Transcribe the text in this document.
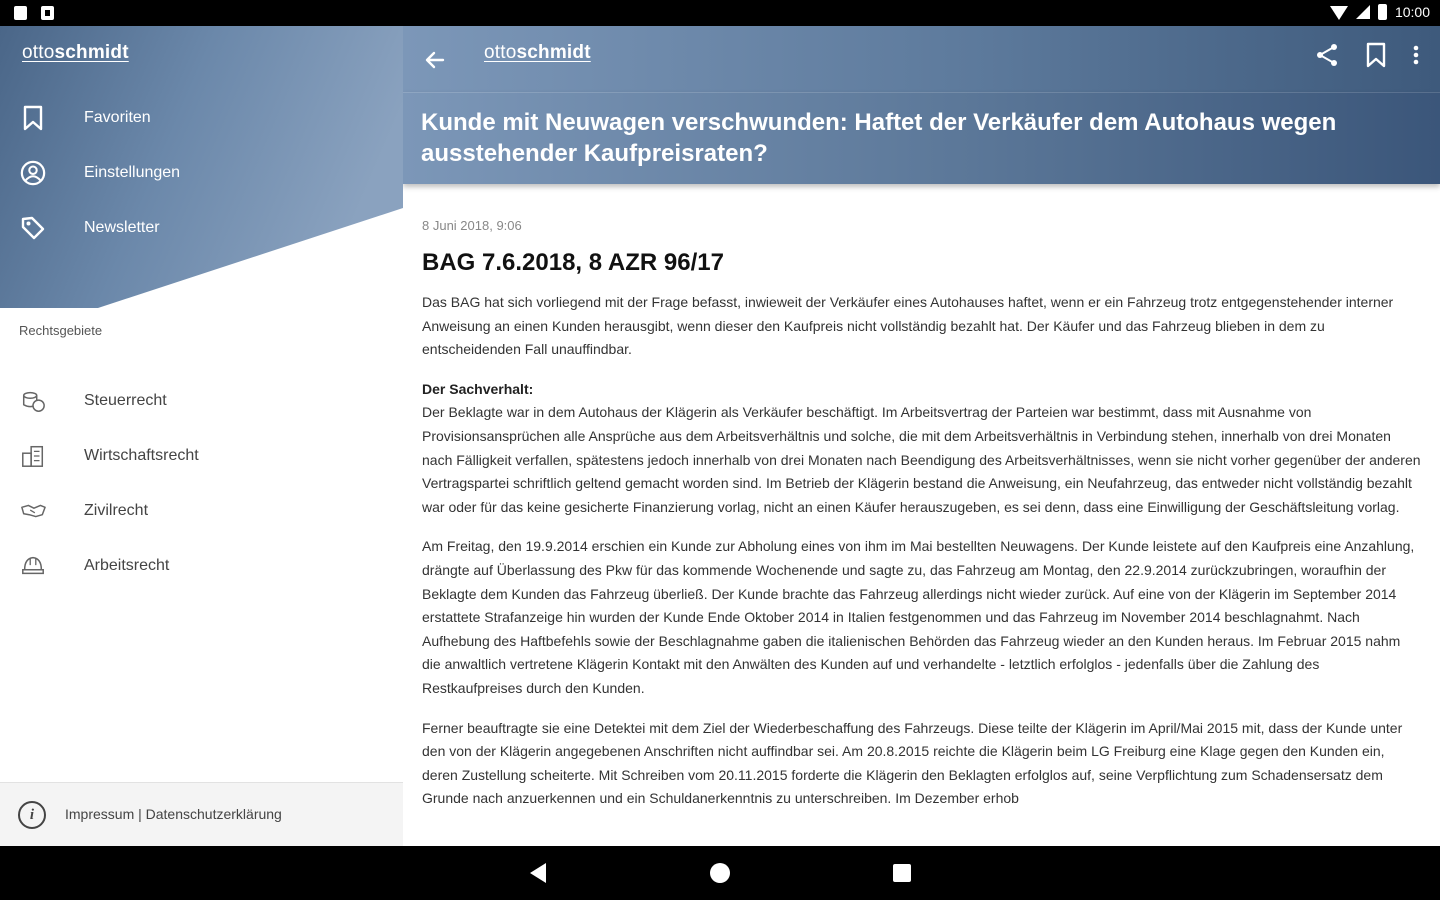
10:00
ottoschmidt
Favoriten
Einstellungen
Newsletter
Rechtsgebiete
Steuerrecht
Wirtschaftsrecht
Zivilrecht
Arbeitsrecht
i	Impressum | Datenschutzerklärung
ottoschmidt
Kunde mit Neuwagen verschwunden: Haftet der Verkäufer dem Autohaus wegen ausstehender Kaufpreisraten?
8 Juni 2018, 9:06
BAG 7.6.2018, 8 AZR 96/17

Das BAG hat sich vorliegend mit der Frage befasst, inwieweit der Verkäufer eines Autohauses haftet, wenn er ein Fahrzeug trotz entgegenstehender interner Anweisung an einen Kunden herausgibt, wenn dieser den Kaufpreis nicht vollständig bezahlt hat. Der Käufer und das Fahrzeug blieben in dem zu entscheidenden Fall unauffindbar.

Der Sachverhalt:
Der Beklagte war in dem Autohaus der Klägerin als Verkäufer beschäftigt. Im Arbeitsvertrag der Parteien war bestimmt, dass mit Ausnahme von Provisionsansprüchen alle Ansprüche aus dem Arbeitsverhältnis und solche, die mit dem Arbeitsverhältnis in Verbindung stehen, innerhalb von drei Monaten nach Fälligkeit verfallen, spätestens jedoch innerhalb von drei Monaten nach Beendigung des Arbeitsverhältnisses, wenn sie nicht vorher gegenüber der anderen Vertragspartei schriftlich geltend gemacht worden sind. Im Betrieb der Klägerin bestand die Anweisung, ein Neufahrzeug, das entweder nicht vollständig bezahlt war oder für das keine gesicherte Finanzierung vorlag, nicht an einen Käufer herauszugeben, es sei denn, dass eine Einwilligung der Geschäftsleitung vorlag.

Am Freitag, den 19.9.2014 erschien ein Kunde zur Abholung eines von ihm im Mai bestellten Neuwagens. Der Kunde leistete auf den Kaufpreis eine Anzahlung, drängte auf Überlassung des Pkw für das kommende Wochenende und sagte zu, das Fahrzeug am Montag, den 22.9.2014 zurückzubringen, woraufhin der Beklagte dem Kunden das Fahrzeug überließ. Der Kunde brachte das Fahrzeug allerdings nicht wieder zurück. Auf eine von der Klägerin im September 2014 erstattete Strafanzeige hin wurden der Kunde Ende Oktober 2014 in Italien festgenommen und das Fahrzeug im November 2014 beschlagnahmt. Nach Aufhebung des Haftbefehls sowie der Beschlagnahme gaben die italienischen Behörden das Fahrzeug wieder an den Kunden heraus. Im Februar 2015 nahm die anwaltlich vertretene Klägerin Kontakt mit den Anwälten des Kunden auf und verhandelte - letztlich erfolglos - jedenfalls über die Zahlung des Restkaufpreises durch den Kunden.

Ferner beauftragte sie eine Detektei mit dem Ziel der Wiederbeschaffung des Fahrzeugs. Diese teilte der Klägerin im April/Mai 2015 mit, dass der Kunde unter den von der Klägerin angegebenen Anschriften nicht auffindbar sei. Am 20.8.2015 reichte die Klägerin beim LG Freiburg eine Klage gegen den Kunden ein, deren Zustellung scheiterte. Mit Schreiben vom 20.11.2015 forderte die Klägerin den Beklagten erfolglos auf, seine Verpflichtung zum Schadensersatz dem Grunde nach anzuerkennen und ein Schuldanerkenntnis zu unterschreiben. Im Dezember erhob
